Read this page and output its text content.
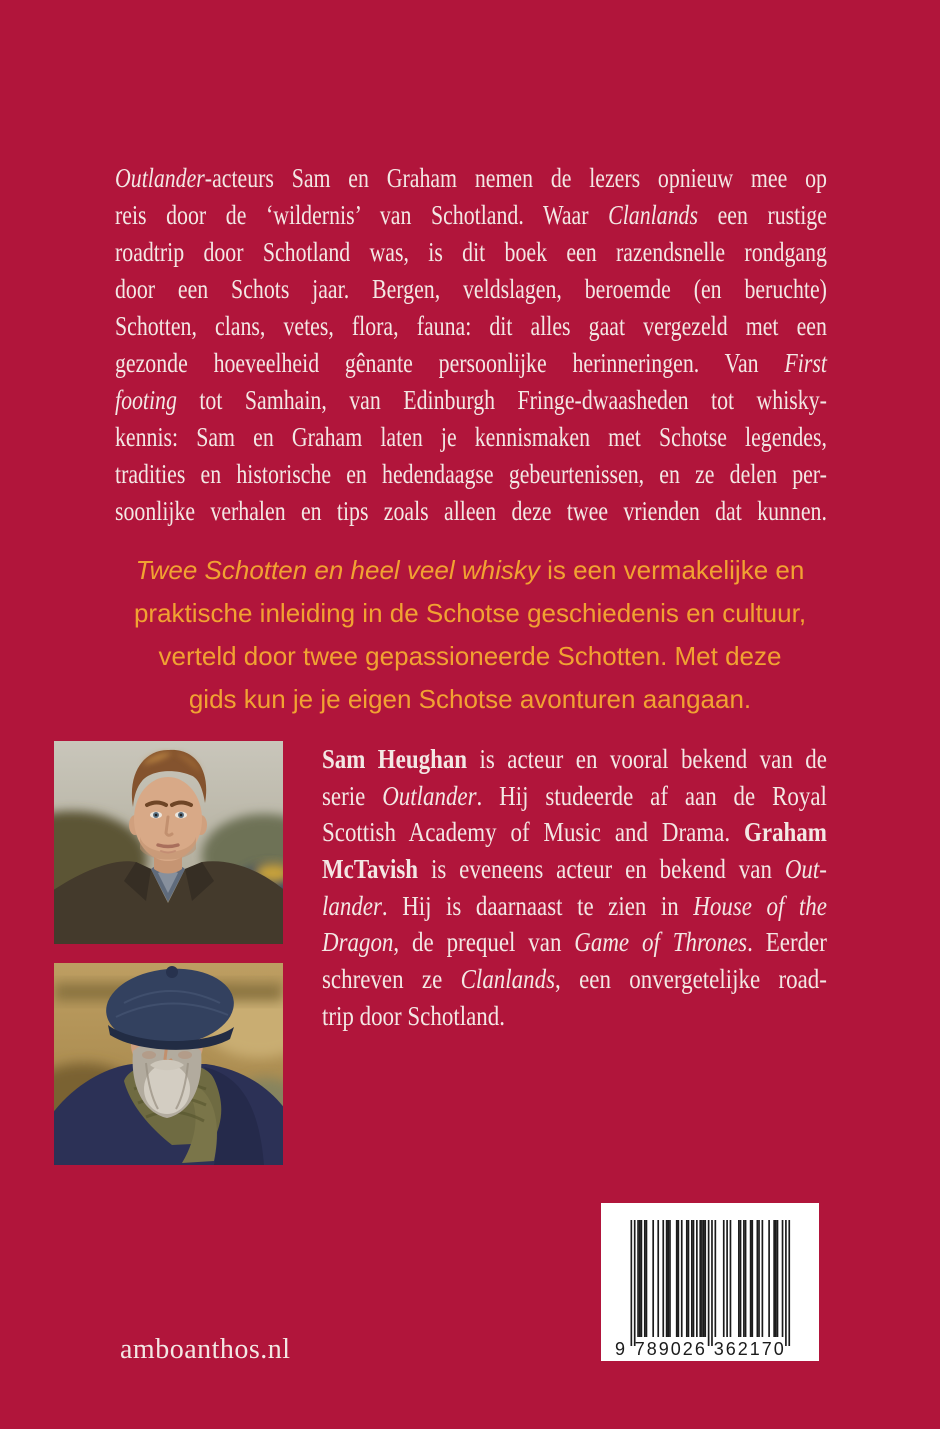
Outlander-acteurs Sam en Graham nemen de lezers opnieuw mee op
reis door de ‘wildernis’ van Schotland. Waar Clanlands een rustige
roadtrip door Schotland was, is dit boek een razendsnelle rondgang
door een Schots jaar. Bergen, veldslagen, beroemde (en beruchte)
Schotten, clans, vetes, flora, fauna: dit alles gaat vergezeld met een
gezonde hoeveelheid gênante persoonlijke herinneringen. Van First
footing tot Samhain, van Edinburgh Fringe-dwaasheden tot whisky-
kennis: Sam en Graham laten je kennismaken met Schotse legendes,
tradities en historische en hedendaagse gebeurtenissen, en ze delen per-
soonlijke verhalen en tips zoals alleen deze twee vrienden dat kunnen.
Twee Schotten en heel veel whisky is een vermakelijke en
praktische inleiding in de Schotse geschiedenis en cultuur,
verteld door twee gepassioneerde Schotten. Met deze
gids kun je je eigen Schotse avonturen aangaan.
Sam Heughan is acteur en vooral bekend van de
serie Outlander. Hij studeerde af aan de Royal
Scottish Academy of Music and Drama. Graham
McTavish is eveneens acteur en bekend van Out-
lander. Hij is daarnaast te zien in House of the
Dragon, de prequel van Game of Thrones. Eerder
schreven ze Clanlands, een onvergetelijke road-
trip door Schotland.
amboanthos.nl	9 789026 362170
